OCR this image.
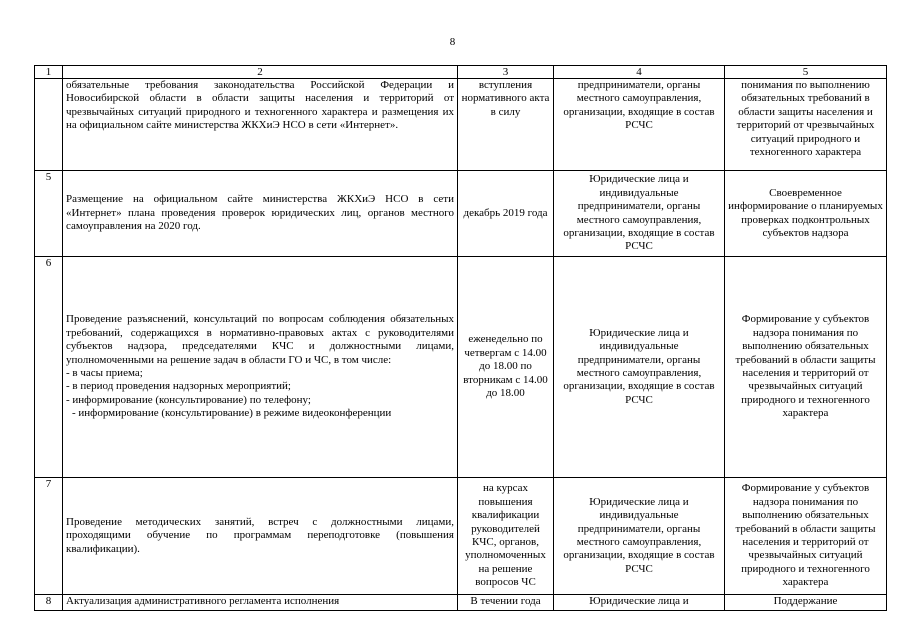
8
1	2	3	4	5
	обязательные требования законодательства Российской Федерации и Новосибирской области в области защиты населения и территорий от чрезвычайных ситуаций природного и техногенного характера и размещения их на официальном сайте министерства ЖКХиЭ НСО в сети «Интернет».	вступления нормативного акта в силу	предприниматели, органы местного самоуправления, организации, входящие в состав РСЧС	понимания по выполнению обязательных требований в области защиты населения и территорий от чрезвычайных ситуаций природного и техногенного характера
5	Размещение на официальном сайте министерства ЖКХиЭ НСО в сети «Интернет» плана проведения проверок юридических лиц, органов местного самоуправления на 2020 год.	декабрь 2019 года	Юридические лица и индивидуальные предприниматели, органы местного самоуправления, организации, входящие в состав РСЧС	Своевременное информирование о планируемых проверках подконтрольных субъектов надзора
6	Проведение разъяснений, консультаций по вопросам соблюдения обязательных требований, содержащихся в нормативно-правовых актах с руководителями субъектов надзора, председателями КЧС и должностными лицами, уполномоченными на решение задач в области ГО и ЧС, в том числе:
- в часы приема;
- в период проведения надзорных мероприятий;
- информирование (консультирование) по телефону;
- информирование (консультирование) в режиме видеоконференции	еженедельно по четвергам с 14.00 до 18.00 по вторникам с 14.00 до 18.00	Юридические лица и индивидуальные предприниматели, органы местного самоуправления, организации, входящие в состав РСЧС	Формирование у субъектов надзора понимания по выполнению обязательных требований в области защиты населения и территорий от чрезвычайных ситуаций природного и техногенного характера
7	Проведение методических занятий, встреч с должностными лицами, проходящими обучение по программам переподготовке (повышения квалификации).	на курсах повышения квалификации руководителей КЧС, органов, уполномоченных на решение вопросов ЧС	Юридические лица и индивидуальные предприниматели, органы местного самоуправления, организации, входящие в состав РСЧС	Формирование у субъектов надзора понимания по выполнению обязательных требований в области защиты населения и территорий от чрезвычайных ситуаций природного и техногенного характера
8	Актуализация административного регламента исполнения	В течении года	Юридические лица и	Поддержание
